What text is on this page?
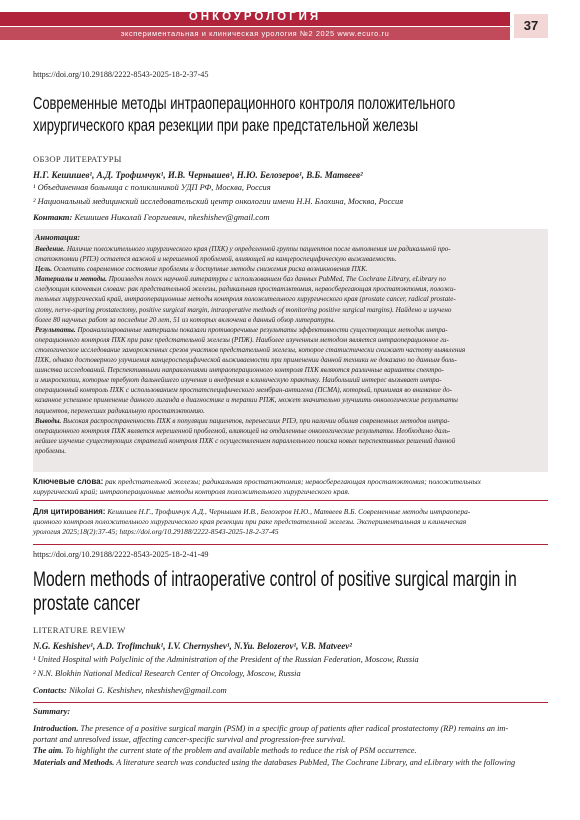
ОНКОУРОЛОГИЯ
экспериментальная и клиническая урология №2 2025 www.ecuro.ru
37
https://doi.org/10.29188/2222-8543-2025-18-2-37-45
Современные методы интраоперационного контроля положительного
хирургического края резекции при раке предстательной железы
ОБЗОР ЛИТЕРАТУРЫ
Н.Г. Кешишев¹, А.Д. Трофимчук¹, И.В. Чернышев¹, Н.Ю. Белозеров¹, В.Б. Матвеев²
¹ Объединенная больница с поликлиникой УДП РФ, Москва, Россия
² Национальный медицинский исследовательский центр онкологии имени Н.Н. Блохина, Москва, Россия
Контакт: Кешишев Николай Георгиевич, nkeshishev@gmail.com
Аннотация:
Введение. Наличие положительного хирургического края (ПХК) у определенной группы пациентов после выполнения им радикальной про-
статэктомии (РПЭ) остается важной и нерешенной проблемой, влияющей на канцероспецифическую выживаемость.
Цель. Осветить современное состояние проблемы и доступные методы снижения риска возникновения ПХК.
Материалы и методы. Произведен поиск научной литературы с использованием баз данных PubMed, The Cochrane Library, eLibrary по
следующим ключевым словам: рак предстательной железы, радикальная простатэктомия, нервосберегающая простатэктомия, положи-
тельных хирургический край, интраоперационные методы контроля положительного хирургического края (prostate cancer, radical prostate-
ctomy, nerve-sparing prostatectomy, positive surgical margin, intraoperative methods of monitoring positive surgical margins). Найдено и изучено
более 80 научных работ за последние 20 лет, 51 из которых включена в данный обзор литературы.
Результаты. Проанализированные материалы показали противоречивые результаты эффективности существующих методик интра-
операционного контроля ПХК при раке предстательной железы (РПЖ). Наиболее изученным методом является интраоперационное ги-
стологическое исследование замороженных срезов участков предстательной железы, которое статистически снижает частоту выявления
ПХК, однако достоверного улучшения канцероспецифической выживаемости при применении данной техники не доказано по данным боль-
шинства исследований. Перспективными направлениями интраоперационного контроля ПХК являются различные варианты спектро-
и микроскопии, которые требуют дальнейшего изучения и внедрения в клиническую практику. Наибольший интерес вызывает интра-
операционный контроль ПХК с использованием простатспецифического мембран-антигена (ПСМА), который, принимая во внимание до-
казанное успешное применение данного лиганда в диагностике и терапии РПЖ, может значительно улучшить онкологические результаты
пациентов, перенесших радикальную простатэктомию.
Выводы. Высокая распространенность ПХК в популяции пациентов, перенесших РПЭ, при наличии обилия современных методов интра-
операционного контроля ПХК является нерешенной проблемой, влияющей на отдаленные онкологические результаты. Необходимо даль-
нейшее изучение существующих стратегий контроля ПХК с осуществлением параллельного поиска новых перспективных решений данной
проблемы.
Ключевые слова: рак предстательной железы; радикальная простатэктомия; нервосберегающая простатэктомия; положительных
хирургический край; интраоперационные методы контроля положительного хирургического края.
Для цитирования: Кешишев Н.Г., Трофимчук А.Д., Чернышев И.В., Белозеров Н.Ю., Матвеев В.Б. Современные методы интраопера-
ционного контроля положительного хирургического края резекции при раке предстательной железы. Экспериментальная и клиническая
урология 2025;18(2):37-45; https://doi.org/10.29188/2222-8543-2025-18-2-37-45
https://doi.org/10.29188/2222-8543-2025-18-2-41-49
Modern methods of intraoperative control of positive surgical margin in
prostate cancer
LITERATURE REVIEW
N.G. Keshishev¹, A.D. Trofimchuk¹, I.V. Chernyshev¹, N.Yu. Belozerov¹, V.B. Matveev²
¹ United Hospital with Polyclinic of the Administration of the President of the Russian Federation, Moscow, Russia
² N.N. Blokhin National Medical Research Center of Oncology, Moscow, Russia
Contacts: Nikolai G. Keshishev, nkeshishev@gmail.com
Summary:
Introduction. The presence of a positive surgical margin (PSM) in a specific group of patients after radical prostatectomy (RP) remains an im-
portant and unresolved issue, affecting cancer-specific survival and progression-free survival.
The aim. To highlight the current state of the problem and available methods to reduce the risk of PSM occurrence.
Materials and Methods. A literature search was conducted using the databases PubMed, The Cochrane Library, and eLibrary with the following
